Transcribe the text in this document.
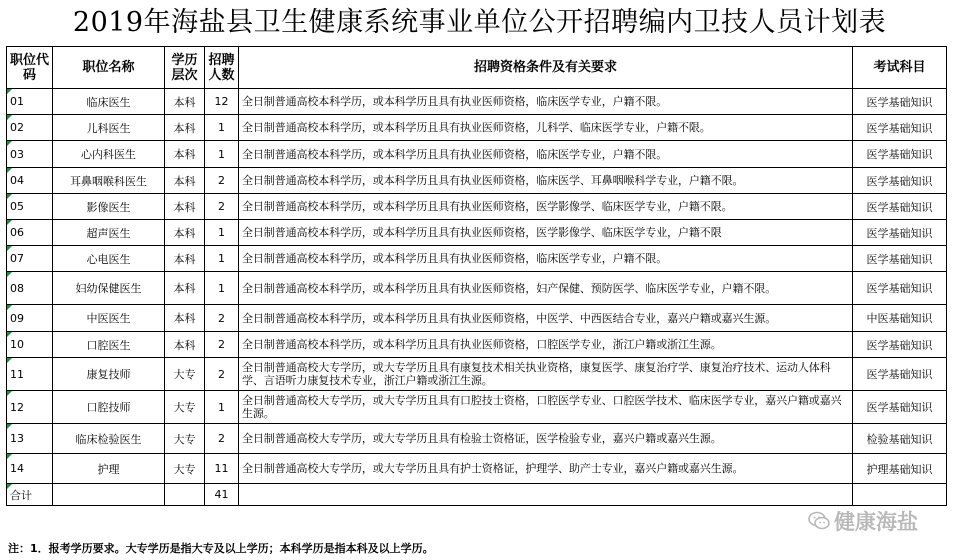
2019年海盐县卫生健康系统事业单位公开招聘编内卫技人员计划表
职位代码	职位名称	学历层次	招聘人数	招聘资格条件及有关要求	考试科目
01	临床医生	本科	12	全日制普通高校本科学历，或本科学历且具有执业医师资格，临床医学专业，户籍不限。	医学基础知识
02	儿科医生	本科	1	全日制普通高校本科学历，或本科学历且具有执业医师资格，儿科学、临床医学专业，户籍不限。	医学基础知识
03	心内科医生	本科	1	全日制普通高校本科学历，或本科学历且具有执业医师资格，临床医学专业，户籍不限。	医学基础知识
04	耳鼻咽喉科医生	本科	2	全日制普通高校本科学历，或本科学历且具有执业医师资格，临床医学、耳鼻咽喉科学专业，户籍不限。	医学基础知识
05	影像医生	本科	2	全日制普通高校本科学历，或本科学历且具有执业医师资格，医学影像学、临床医学专业，户籍不限。	医学基础知识
06	超声医生	本科	1	全日制普通高校本科学历，或本科学历且具有执业医师资格，医学影像学、临床医学专业，户籍不限	医学基础知识
07	心电医生	本科	1	全日制普通高校本科学历，或本科学历且具有执业医师资格，临床医学专业，户籍不限。	医学基础知识
08	妇幼保健医生	本科	1	全日制普通高校本科学历，或本科学历且具有执业医师资格，妇产保健、预防医学、临床医学专业，户籍不限。	医学基础知识
09	中医医生	本科	2	全日制普通高校本科学历，或本科学历且具有执业医师资格，中医学、中西医结合专业，嘉兴户籍或嘉兴生源。	中医基础知识
10	口腔医生	本科	2	全日制普通高校本科学历，或本科学历且具有执业医师资格，口腔医学专业，浙江户籍或浙江生源。	医学基础知识
11	康复技师	大专	2	全日制普通高校大专学历，或大专学历且具有康复技术相关执业资格，康复医学、康复治疗学、康复治疗技术、运动人体科学、言语听力康复技术专业，浙江户籍或浙江生源。	医学基础知识
12	口腔技师	大专	1	全日制普通高校大专学历，或大专学历且具有口腔技士资格，口腔医学专业、口腔医学技术、临床医学专业，嘉兴户籍或嘉兴生源。	医学基础知识
13	临床检验医生	大专	2	全日制普通高校大专学历，或大专学历且具有检验士资格证，医学检验专业，嘉兴户籍或嘉兴生源。	检验基础知识
14	护理	大专	11	全日制普通高校大专学历，或大专学历且具有护士资格证，护理学、助产士专业，嘉兴户籍或嘉兴生源。	护理基础知识
合计			41		
健康海盐
注：1．报考学历要求。大专学历是指大专及以上学历；本科学历是指本科及以上学历。
